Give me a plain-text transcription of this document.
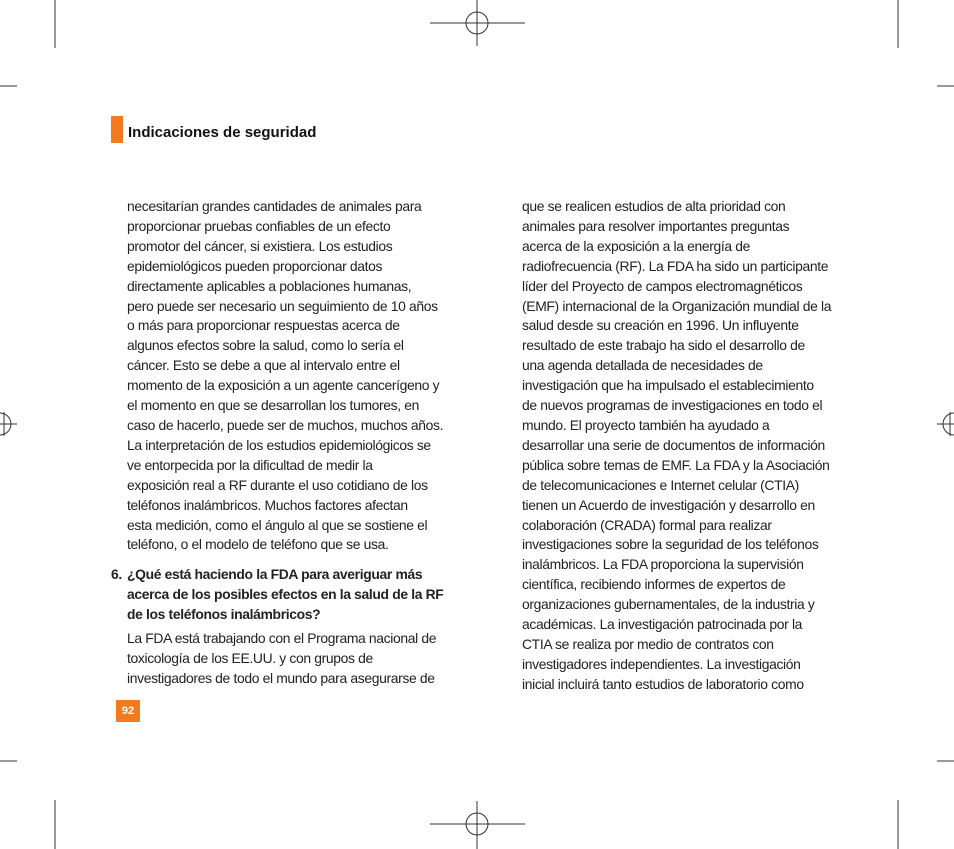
Indicaciones de seguridad
necesitarían grandes cantidades de animales para
proporcionar pruebas confiables de un efecto
promotor del cáncer, si existiera. Los estudios
epidemiológicos pueden proporcionar datos
directamente aplicables a poblaciones humanas,
pero puede ser necesario un seguimiento de 10 años
o más para proporcionar respuestas acerca de
algunos efectos sobre la salud, como lo sería el
cáncer. Esto se debe a que al intervalo entre el
momento de la exposición a un agente cancerígeno y
el momento en que se desarrollan los tumores, en
caso de hacerlo, puede ser de muchos, muchos años.
La interpretación de los estudios epidemiológicos se
ve entorpecida por la dificultad de medir la
exposición real a RF durante el uso cotidiano de los
teléfonos inalámbricos. Muchos factores afectan
esta medición, como el ángulo al que se sostiene el
teléfono, o el modelo de teléfono que se usa.
6. ¿Qué está haciendo la FDA para averiguar más
acerca de los posibles efectos en la salud de la RF
de los teléfonos inalámbricos?
La FDA está trabajando con el Programa nacional de
toxicología de los EE.UU. y con grupos de
investigadores de todo el mundo para asegurarse de
que se realicen estudios de alta prioridad con
animales para resolver importantes preguntas
acerca de la exposición a la energía de
radiofrecuencia (RF). La FDA ha sido un participante
líder del Proyecto de campos electromagnéticos
(EMF) internacional de la Organización mundial de la
salud desde su creación en 1996. Un influyente
resultado de este trabajo ha sido el desarrollo de
una agenda detallada de necesidades de
investigación que ha impulsado el establecimiento
de nuevos programas de investigaciones en todo el
mundo. El proyecto también ha ayudado a
desarrollar una serie de documentos de información
pública sobre temas de EMF. La FDA y la Asociación
de telecomunicaciones e Internet celular (CTIA)
tienen un Acuerdo de investigación y desarrollo en
colaboración (CRADA) formal para realizar
investigaciones sobre la seguridad de los teléfonos
inalámbricos. La FDA proporciona la supervisión
científica, recibiendo informes de expertos de
organizaciones gubernamentales, de la industria y
académicas. La investigación patrocinada por la
CTIA se realiza por medio de contratos con
investigadores independientes. La investigación
inicial incluirá tanto estudios de laboratorio como
92
